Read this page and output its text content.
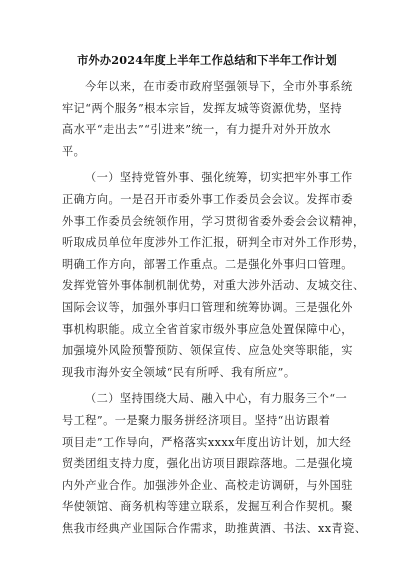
市外办2024年度上半年工作总结和下半年工作计划
今年以来，在市委市政府坚强领导下，全市外事系统
牢记“两个服务”根本宗旨，发挥友城等资源优势，坚持
高水平“走出去”“引进来”统一，有力提升对外开放水
平。
（一）坚持党管外事、强化统筹，切实把牢外事工作
正确方向。一是召开市委外事工作委员会会议。发挥市委
外事工作委员会统领作用，学习贯彻省委外委会会议精神，
听取成员单位年度涉外工作汇报，研判全市对外工作形势，
明确工作方向，部署工作重点。二是强化外事归口管理。
发挥党管外事体制机制优势，对重大涉外活动、友城交往、
国际会议等，加强外事归口管理和统筹协调。三是强化外
事机构职能。成立全省首家市级外事应急处置保障中心，
加强境外风险预警预防、领保宣传、应急处突等职能，实
现我市海外安全领域“民有所呼、我有所应”。
（二）坚持围绕大局、融入中心，有力服务三个“一
号工程”。一是聚力服务拼经济项目。坚持“出访跟着
项目走”工作导向，严格落实xxxx年度出访计划，加大经
贸类团组支持力度，强化出访项目跟踪落地。二是强化境
内外产业合作。加强涉外企业、高校走访调研，与外国驻
华使领馆、商务机构等建立联系，发掘互利合作契机。聚
焦我市经典产业国际合作需求，助推黄酒、书法、xx青瓷、
